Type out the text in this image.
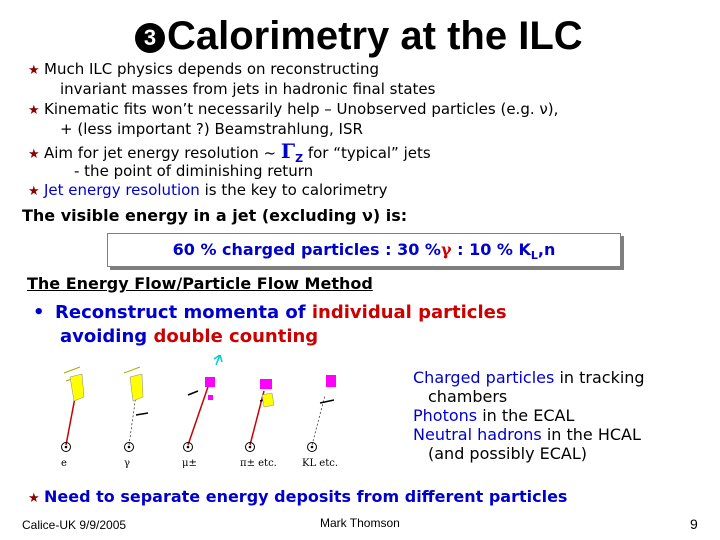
3 Calorimetry at the ILC
★ Much ILC physics depends on reconstructing
invariant masses from jets in hadronic final states
★ Kinematic fits won’t necessarily help – Unobserved particles (e.g. ν),
+ (less important ?) Beamstrahlung, ISR
★ Aim for jet energy resolution ~ $\Gamma_Z$ for “typical” jets
- the point of diminishing return
★ Jet energy resolution is the key to calorimetry
The visible energy in a jet (excluding ν) is:
60 % charged particles : 30 %γ : 10 % $K_L,n$
The Energy Flow/Particle Flow Method
• Reconstruct momenta of individual particles
avoiding double counting
e	γ	μ±	π± etc.	KL etc.
Charged particles in tracking
chambers
Photons in the ECAL
Neutral hadrons in the HCAL
(and possibly ECAL)
★ Need to separate energy deposits from different particles
Calice-UK 9/9/2005	Mark Thomson	9
